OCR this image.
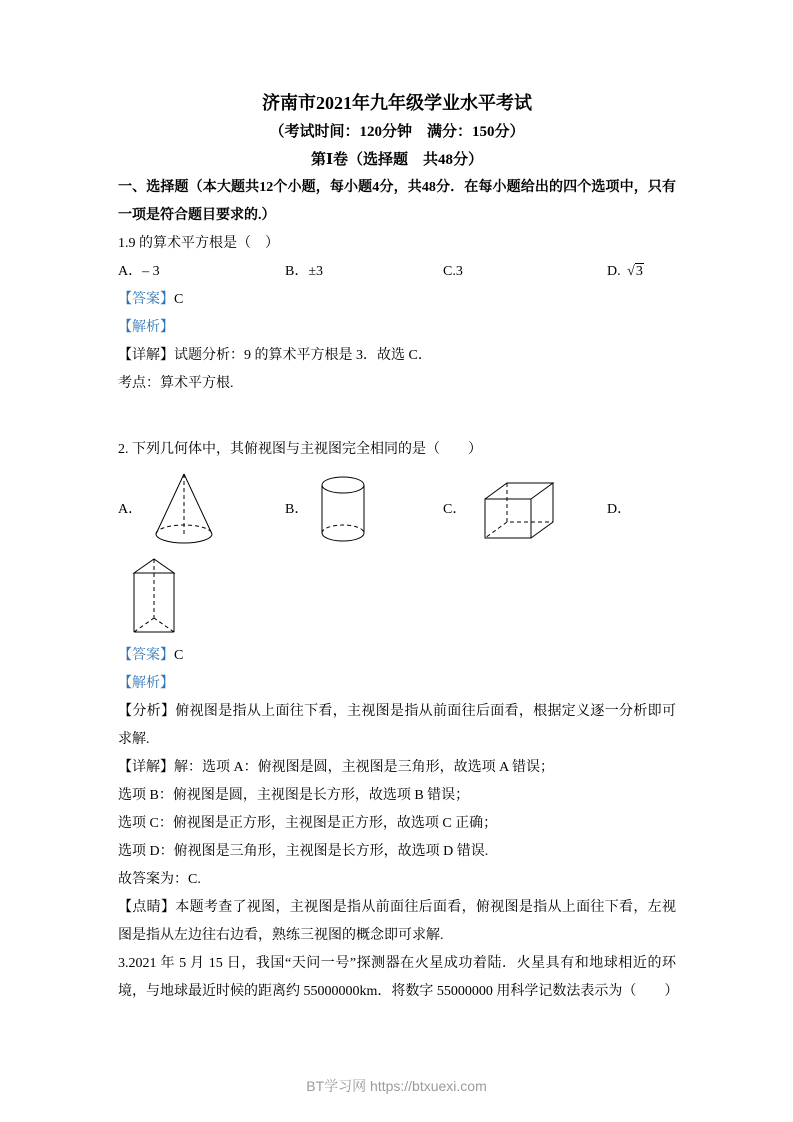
济南市2021年九年级学业水平考试

（考试时间：120分钟　满分：150分）

第Ⅰ卷（选择题　共48分）

一、选择题（本大题共12个小题，每小题4分，共48分．在每小题给出的四个选项中，只有一项是符合题目要求的.）

1.9 的算术平方根是（　）

A．– 3	B．±3	C.3	D. √3

【答案】C

【解析】

【详解】试题分析：9 的算术平方根是 3．故选 C．

考点：算术平方根.

2. 下列几何体中，其俯视图与主视图完全相同的是（　　）

A．	B．	C．	D．

【答案】C

【解析】

【分析】俯视图是指从上面往下看，主视图是指从前面往后面看，根据定义逐一分析即可求解.

【详解】解：选项 A：俯视图是圆，主视图是三角形，故选项 A 错误；

选项 B：俯视图是圆，主视图是长方形，故选项 B 错误；

选项 C：俯视图是正方形，主视图是正方形，故选项 C 正确；

选项 D：俯视图是三角形，主视图是长方形，故选项 D 错误.

故答案为：C.

【点睛】本题考查了视图，主视图是指从前面往后面看，俯视图是指从上面往下看，左视图是指从左边往右边看，熟练三视图的概念即可求解.

3.2021 年 5 月 15 日，我国“天问一号”探测器在火星成功着陆．火星具有和地球相近的环境，与地球最近时候的距离约 55000000km．将数字 55000000 用科学记数法表示为（　　）

BT学习网 https://btxuexi.com
